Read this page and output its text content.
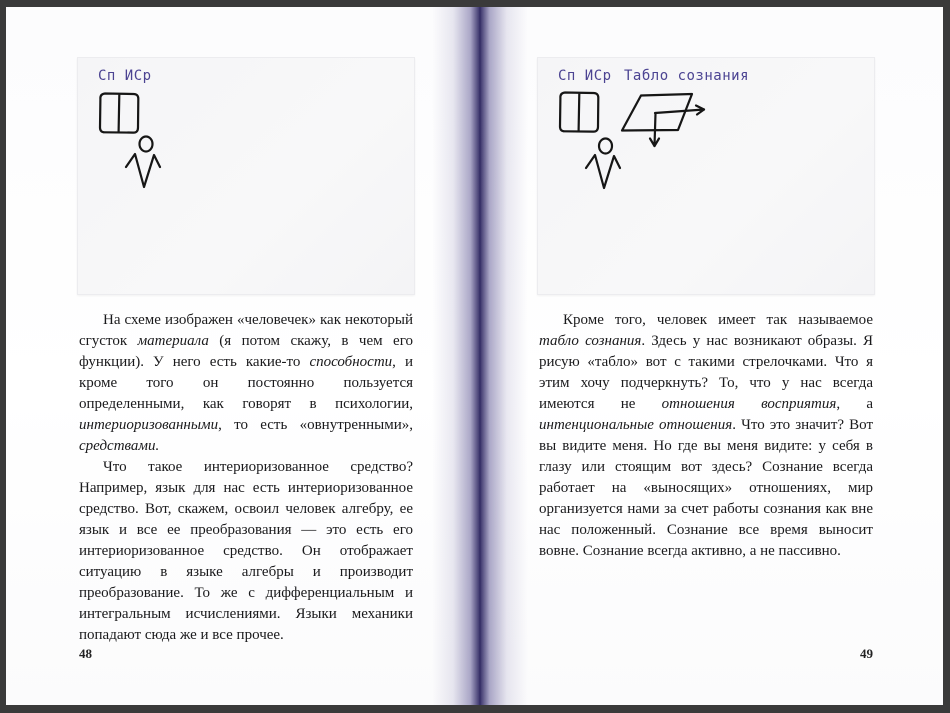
Сп ИСр

На схеме изображен «человечек» как некоторый сгусток материала (я потом скажу, в чем его функции). У него есть какие-то способности, и кроме того он постоянно пользуется определенными, как говорят в психологии, интериоризованными, то есть «овнутренными», средствами.

Что такое интериоризованное средство? Например, язык для нас есть интериоризованное средство. Вот, скажем, освоил человек алгебру, ее язык и все ее преобразования — это есть его интериоризованное средство. Он отображает ситуацию в языке алгебры и производит преобразование. То же с дифференциальным и интегральным исчислениями. Языки механики попадают сюда же и все прочее.

48
Сп ИСр Табло сознания

Кроме того, человек имеет так называемое табло сознания. Здесь у нас возникают образы. Я рисую «табло» вот с такими стрелочками. Что я этим хочу подчеркнуть? То, что у нас всегда имеются не отношения восприятия, а интенциональные отношения. Что это значит? Вот вы видите меня. Но где вы меня видите: у себя в глазу или стоящим вот здесь? Сознание всегда работает на «выносящих» отношениях, мир организуется нами за счет работы сознания как вне нас положенный. Сознание все время выносит вовне. Сознание всегда активно, а не пассивно.

49
